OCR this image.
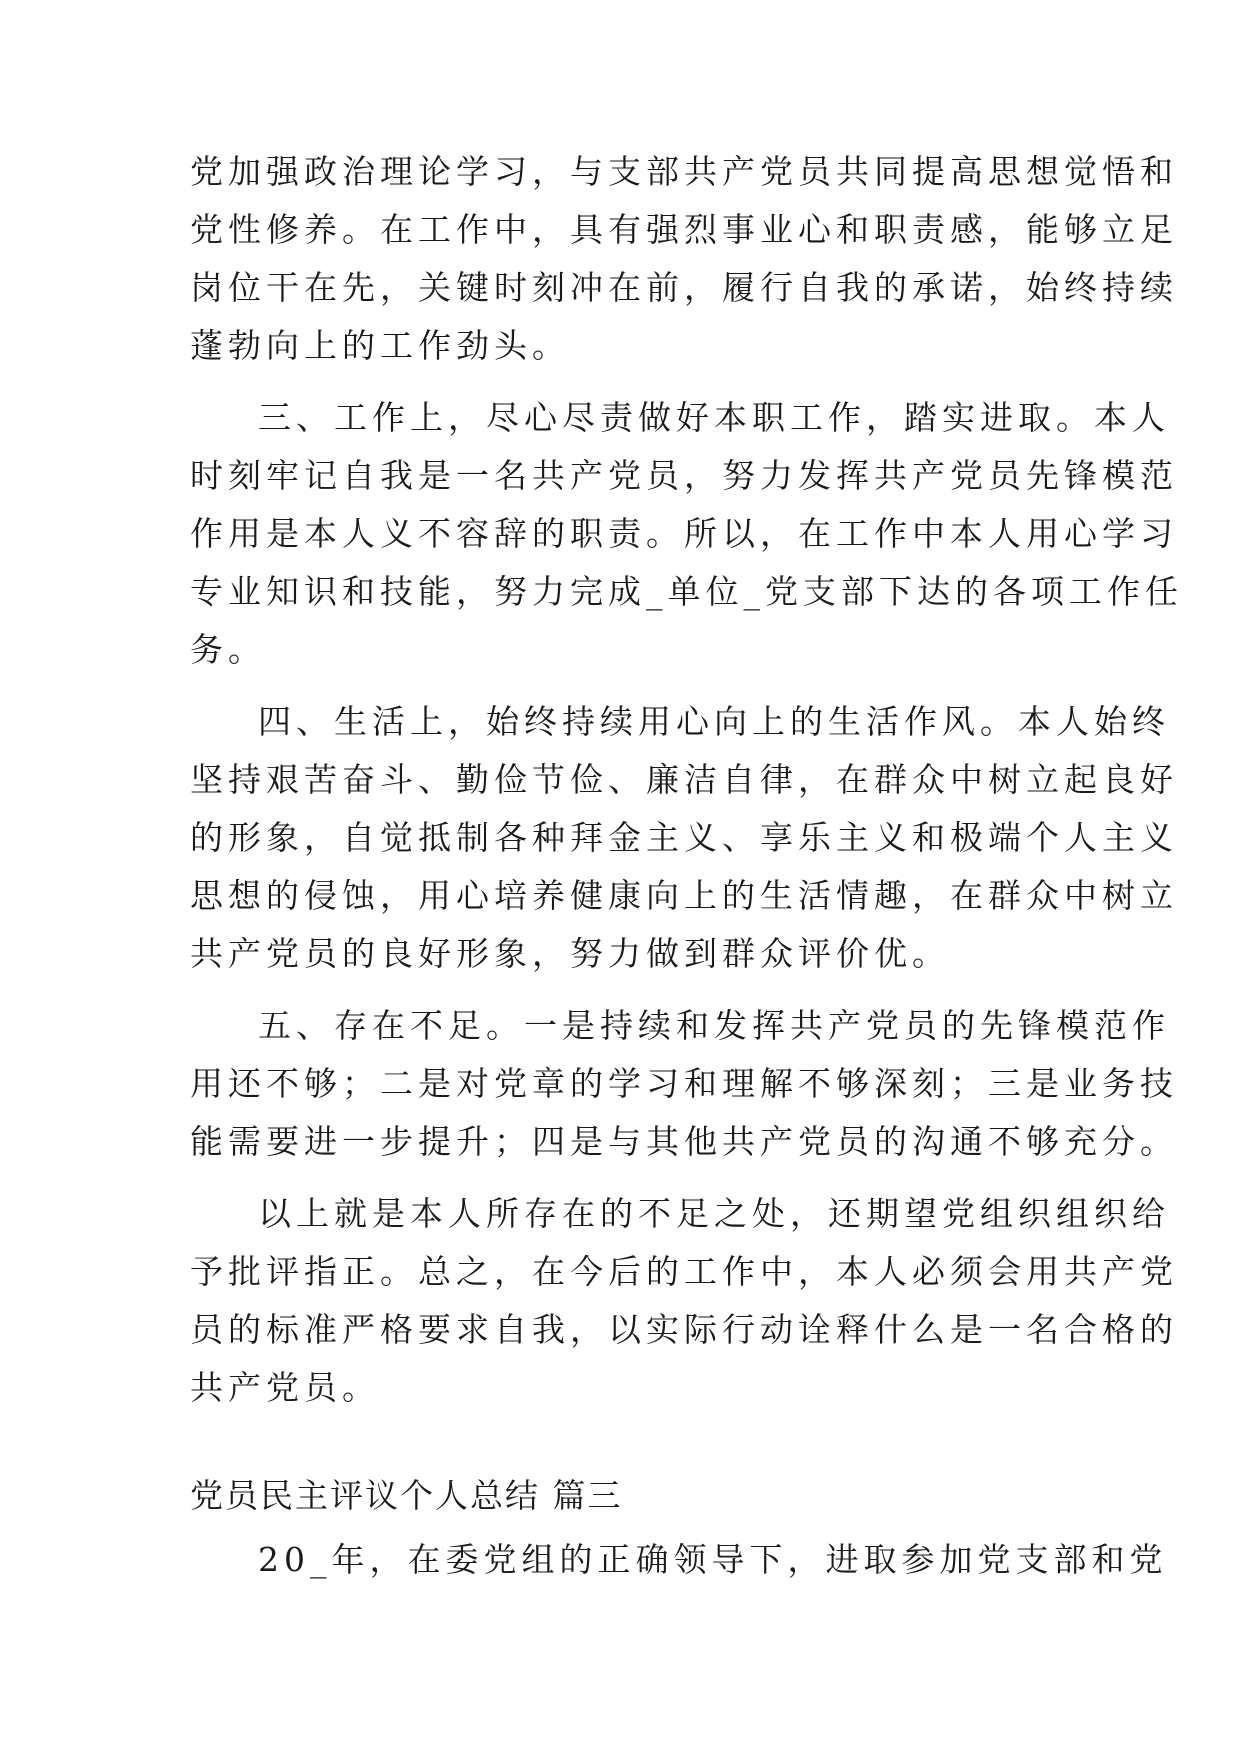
党加强政治理论学习，与支部共产党员共同提高思想觉悟和
党性修养。在工作中，具有强烈事业心和职责感，能够立足
岗位干在先，关键时刻冲在前，履行自我的承诺，始终持续
蓬勃向上的工作劲头。
三、工作上，尽心尽责做好本职工作，踏实进取。本人
时刻牢记自我是一名共产党员，努力发挥共产党员先锋模范
作用是本人义不容辞的职责。所以，在工作中本人用心学习
专业知识和技能，努力完成_单位_党支部下达的各项工作任
务。
四、生活上，始终持续用心向上的生活作风。本人始终
坚持艰苦奋斗、勤俭节俭、廉洁自律，在群众中树立起良好
的形象，自觉抵制各种拜金主义、享乐主义和极端个人主义
思想的侵蚀，用心培养健康向上的生活情趣，在群众中树立
共产党员的良好形象，努力做到群众评价优。
五、存在不足。一是持续和发挥共产党员的先锋模范作
用还不够；二是对党章的学习和理解不够深刻；三是业务技
能需要进一步提升；四是与其他共产党员的沟通不够充分。
以上就是本人所存在的不足之处，还期望党组织组织给
予批评指正。总之，在今后的工作中，本人必须会用共产党
员的标准严格要求自我，以实际行动诠释什么是一名合格的
共产党员。
党员民主评议个人总结 篇三
20_年，在委党组的正确领导下，进取参加党支部和党
